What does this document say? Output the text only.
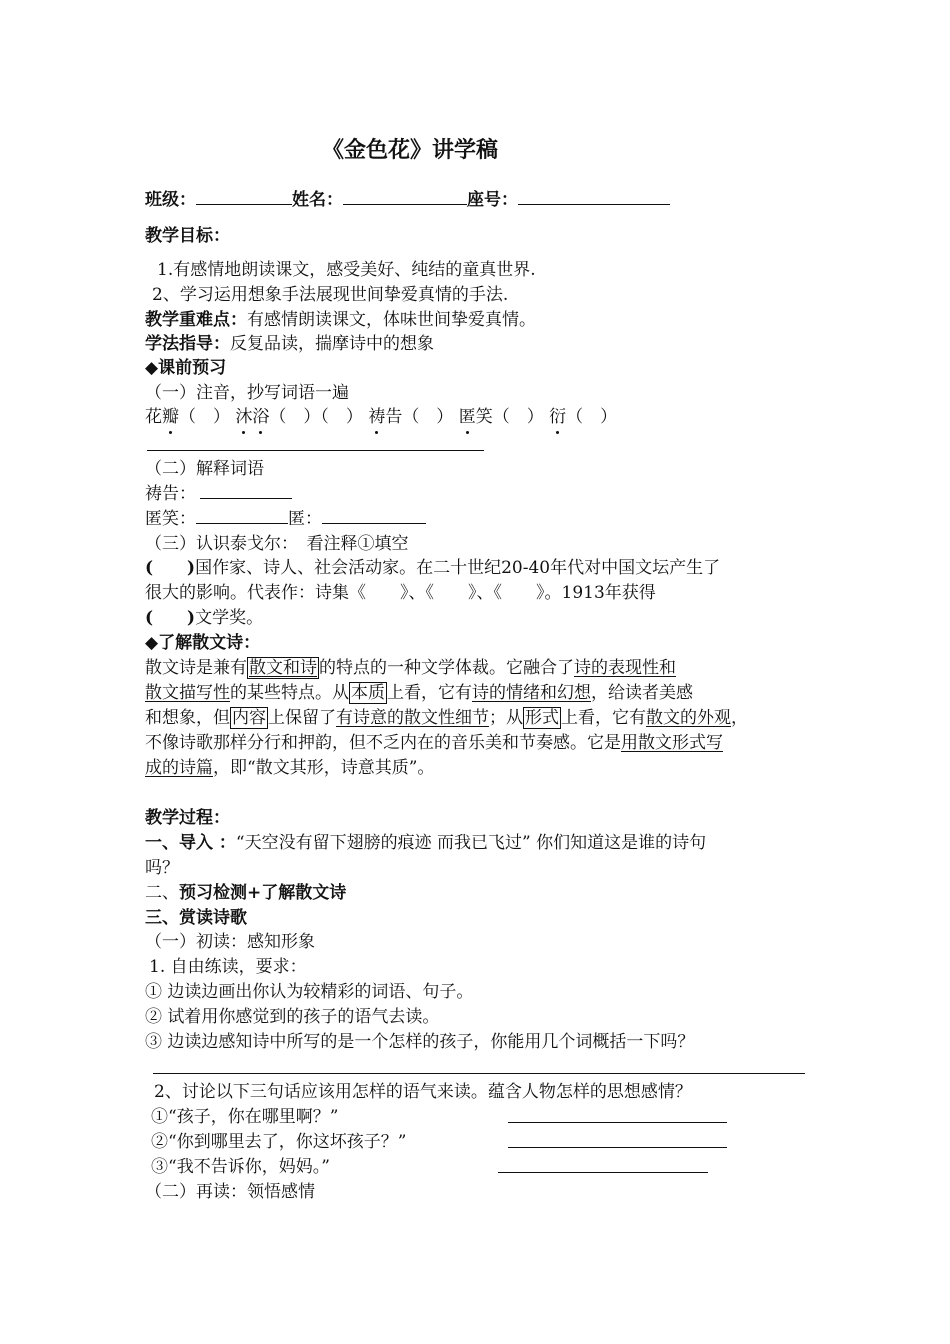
《金色花》讲学稿
班级：	姓名：	座号：
教学目标：
1.有感情地朗读课文，感受美好、纯结的童真世界.
2、学习运用想象手法展现世间挚爱真情的手法.
教学重难点：有感情朗读课文，体味世间挚爱真情。
学法指导：反复品读，揣摩诗中的想象
◆课前预习
（一）注音，抄写词语一遍
花瓣（　） 沐浴（　）（　） 祷告（　） 匿笑（　） 衍（　）
（二）解释词语
祷告：
匿笑：	匿：
（三）认识泰戈尔：　看注释①填空
(　　)国作家、诗人、社会活动家。在二十世纪20-40年代对中国文坛产生了
很大的影响。代表作：诗集《　　》、《　　》、《　　》。1913年获得
(　　)文学奖。
◆了解散文诗：
散文诗是兼有 散文和诗 的特点的一种文学体裁。它融合了诗的表现性和
散文描写性的某些特点。从 本质 上看，它有诗的情绪和幻想，给读者美感
和想象，但 内容 上保留了有诗意的散文性细节；从 形式 上看，它有散文的外观，
不像诗歌那样分行和押韵，但不乏内在的音乐美和节奏感。它是用散文形式写
成的诗篇，即“散文其形，诗意其质”。
教学过程：
一、导入 ：“天空没有留下翅膀的痕迹 而我已飞过” 你们知道这是谁的诗句
吗？
二、预习检测+了解散文诗
三、赏读诗歌
（一）初读：感知形象
1. 自由练读，要求：
① 边读边画出你认为较精彩的词语、句子。
② 试着用你感觉到的孩子的语气去读。
③ 边读边感知诗中所写的是一个怎样的孩子，你能用几个词概括一下吗？
2、讨论以下三句话应该用怎样的语气来读。蕴含人物怎样的思想感情？
①“孩子，你在哪里啊？”
②“你到哪里去了，你这坏孩子？”
③“我不告诉你，妈妈。”
（二）再读：领悟感情
